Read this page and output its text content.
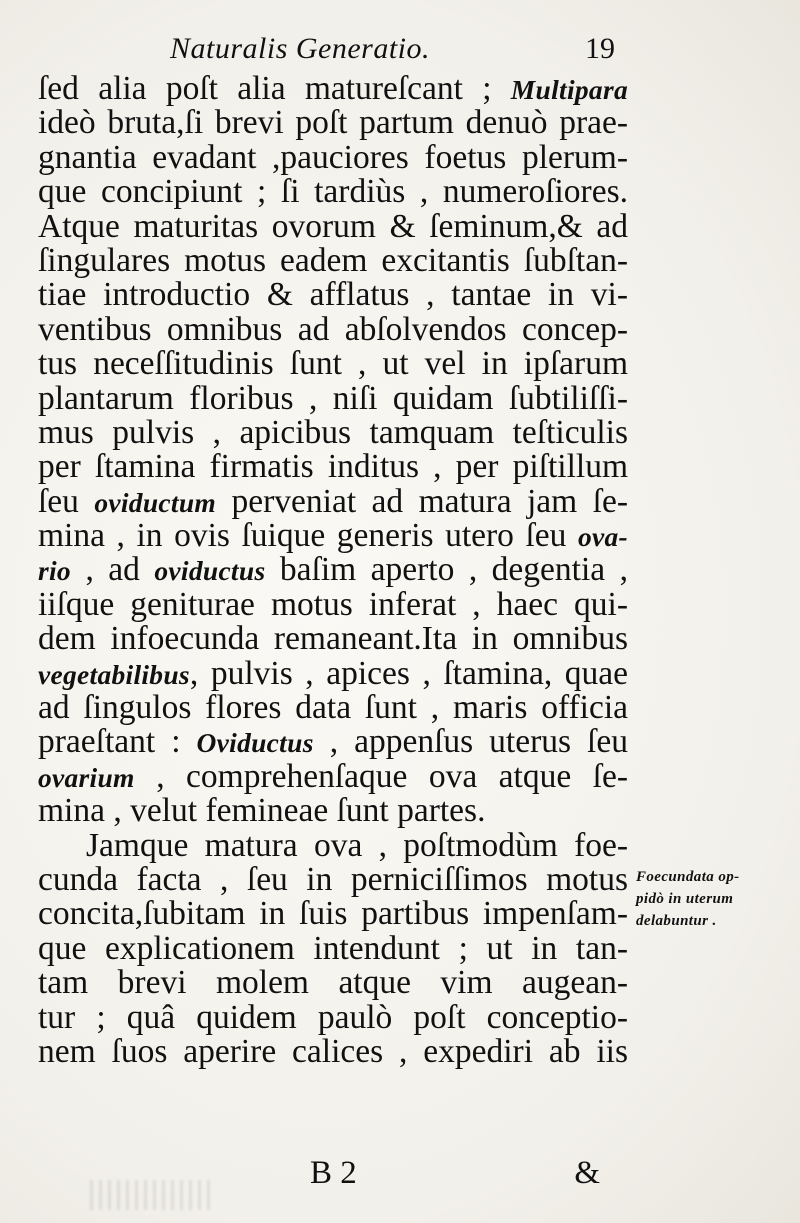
Naturalis Generatio.	19
ſed alia poſt alia matureſcant ; Multipara
ideò bruta,ſi brevi poſt partum denuò prae-
gnantia evadant ,pauciores foetus plerum-
que concipiunt ; ſi tardiùs , numeroſiores.
Atque maturitas ovorum & ſeminum,& ad
ſingulares motus eadem excitantis ſubſtan-
tiae introductio & afflatus , tantae in vi-
ventibus omnibus ad abſolvendos concep-
tus neceſſitudinis ſunt , ut vel in ipſarum
plantarum floribus , niſi quidam ſubtiliſſi-
mus pulvis , apicibus tamquam teſticulis
per ſtamina firmatis inditus , per piſtillum
ſeu oviductum perveniat ad matura jam ſe-
mina , in ovis ſuique generis utero ſeu ova-
rio , ad oviductus baſim aperto , degentia ,
iiſque geniturae motus inferat , haec qui-
dem infoecunda remaneant.Ita in omnibus
vegetabilibus, pulvis , apices , ſtamina, quae
ad ſingulos flores data ſunt , maris officia
praeſtant : Oviductus , appenſus uterus ſeu
ovarium , comprehenſaque ova atque ſe-
mina , velut femineae ſunt partes.
Jamque matura ova , poſtmodùm foe-
cunda facta , ſeu in perniciſſimos motus
concita,ſubitam in ſuis partibus impenſam-
que explicationem intendunt ; ut in tan-
tam brevi molem atque vim augean-
tur ; quâ quidem paulò poſt conceptio-
nem ſuos aperire calices , expediri ab iis
Foecundata op-
pidò in uterum
delabuntur .
B 2	&
